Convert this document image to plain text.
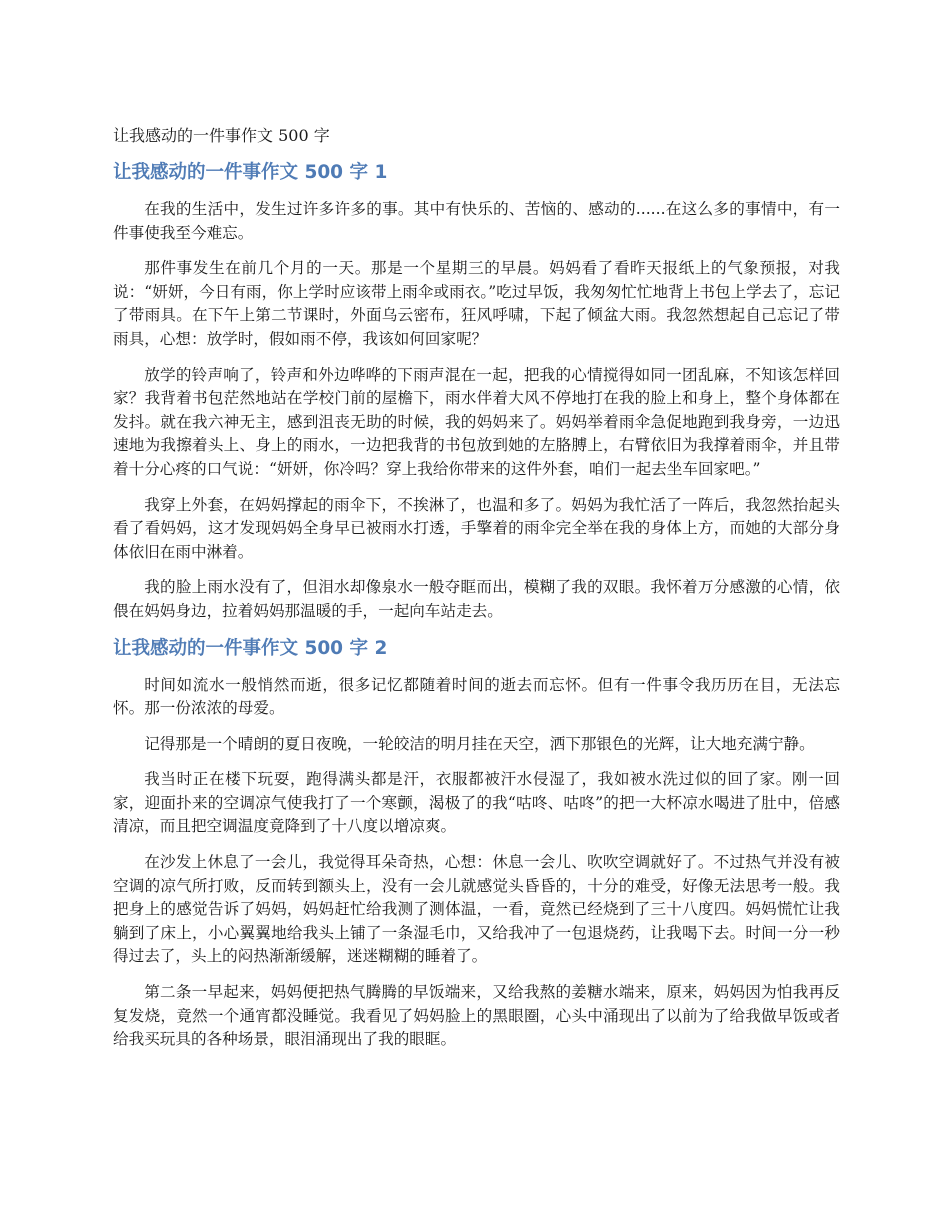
让我感动的一件事作文 500 字
让我感动的一件事作文 500 字 1

在我的生活中，发生过许多许多的事。其中有快乐的、苦恼的、感动的......在这么多的事情中，有一件事使我至今难忘。

那件事发生在前几个月的一天。那是一个星期三的早晨。妈妈看了看昨天报纸上的气象预报，对我说：“妍妍，今日有雨，你上学时应该带上雨伞或雨衣。”吃过早饭，我匆匆忙忙地背上书包上学去了，忘记了带雨具。在下午上第二节课时，外面乌云密布，狂风呼啸，下起了倾盆大雨。我忽然想起自己忘记了带雨具，心想：放学时，假如雨不停，我该如何回家呢？

放学的铃声响了，铃声和外边哗哗的下雨声混在一起，把我的心情搅得如同一团乱麻，不知该怎样回家？我背着书包茫然地站在学校门前的屋檐下，雨水伴着大风不停地打在我的脸上和身上，整个身体都在发抖。就在我六神无主，感到沮丧无助的时候，我的妈妈来了。妈妈举着雨伞急促地跑到我身旁，一边迅速地为我擦着头上、身上的雨水，一边把我背的书包放到她的左胳膊上，右臂依旧为我撑着雨伞，并且带着十分心疼的口气说：“妍妍，你冷吗？穿上我给你带来的这件外套，咱们一起去坐车回家吧。”

我穿上外套，在妈妈撑起的雨伞下，不挨淋了，也温和多了。妈妈为我忙活了一阵后，我忽然抬起头看了看妈妈，这才发现妈妈全身早已被雨水打透，手擎着的雨伞完全举在我的身体上方，而她的大部分身体依旧在雨中淋着。

我的脸上雨水没有了，但泪水却像泉水一般夺眶而出，模糊了我的双眼。我怀着万分感激的心情，依偎在妈妈身边，拉着妈妈那温暖的手，一起向车站走去。

让我感动的一件事作文 500 字 2

时间如流水一般悄然而逝，很多记忆都随着时间的逝去而忘怀。但有一件事令我历历在目，无法忘怀。那一份浓浓的母爱。

记得那是一个晴朗的夏日夜晚，一轮皎洁的明月挂在天空，洒下那银色的光辉，让大地充满宁静。

我当时正在楼下玩耍，跑得满头都是汗，衣服都被汗水侵湿了，我如被水洗过似的回了家。刚一回家，迎面扑来的空调凉气使我打了一个寒颤，渴极了的我“咕咚、咕咚”的把一大杯凉水喝进了肚中，倍感清凉，而且把空调温度竟降到了十八度以增凉爽。

在沙发上休息了一会儿，我觉得耳朵奇热，心想：休息一会儿、吹吹空调就好了。不过热气并没有被空调的凉气所打败，反而转到额头上，没有一会儿就感觉头昏昏的，十分的难受，好像无法思考一般。我把身上的感觉告诉了妈妈，妈妈赶忙给我测了测体温，一看，竟然已经烧到了三十八度四。妈妈慌忙让我躺到了床上，小心翼翼地给我头上铺了一条湿毛巾，又给我冲了一包退烧药，让我喝下去。时间一分一秒得过去了，头上的闷热渐渐缓解，迷迷糊糊的睡着了。

第二条一早起来，妈妈便把热气腾腾的早饭端来，又给我熬的姜糖水端来，原来，妈妈因为怕我再反复发烧，竟然一个通宵都没睡觉。我看见了妈妈脸上的黑眼圈，心头中涌现出了以前为了给我做早饭或者给我买玩具的各种场景，眼泪涌现出了我的眼眶。
